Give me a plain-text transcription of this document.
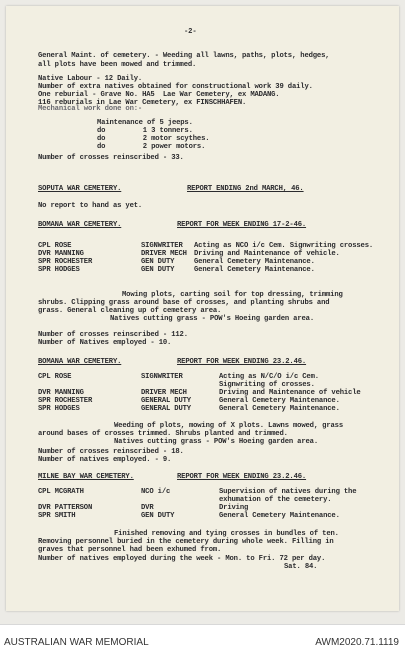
-2-
General Maint. of cemetery. - Weeding all lawns, paths, plots, hedges,
all plots have been mowed and trimmed.
Native Labour - 12 Daily.
Number of extra natives obtained for constructional work 39 daily.
One reburial - Grave No. HA5  Lae War Cemetery, ex MADANG.
116 reburials in Lae War Cemetery, ex FINSCHHAFEN.
Mechanical work done on:-
Maintenance of 5 jeeps.
do         1 3 tonners.
do         2 motor scythes.
do         2 power motors.
Number of crosses reinscribed - 33.
SOPUTA WAR CEMETERY.	REPORT ENDING 2nd MARCH, 46.
No report to hand as yet.
BOMANA WAR CEMETERY.	REPORT FOR WEEK ENDING 17-2-46.
CPL ROSE	SIGNWRITER Acting as NCO i/c Cem. Signwriting crosses.
DVR MANNING	DRIVER MECH Driving and Maintenance of vehicle.
SPR ROCHESTER	GEN DUTY	General Cemetery Maintenance.
SPR HODGES	GEN DUTY	General Cemetery Maintenance.
Mowing plots, carting soil for top dressing, trimming
shrubs. Clipping grass around base of crosses, and planting shrubs and
grass. General cleaning up of cemetery area.
Natives cutting grass - POW's Hoeing garden area.
Number of crosses reinscribed - 112.
Number of Natives employed - 10.
BOMANA WAR CEMETERY.	REPORT FOR WEEK ENDING 23.2.46.
CPL ROSE	SIGNWRITER	Acting as N/C/O i/c Cem.
Signwriting of crosses.
DVR MANNING	DRIVER MECH	Driving and Maintenance of vehicle
SPR ROCHESTER	GENERAL DUTY	General Cemetery Maintenance.
SPR HODGES	GENERAL DUTY	General Cemetery Maintenance.
Weeding of plots, mowing of X plots. Lawns mowed, grass
around bases of crosses trimmed. Shrubs planted and trimmed.
Natives cutting grass - POW's Hoeing garden area.
Number of crosses reinscribed - 18.
Number of natives employed. - 9.
MILNE BAY WAR CEMETERY.	REPORT FOR WEEK ENDING 23.2.46.
CPL MCGRATH	NCO i/c	Supervision of natives during the
exhumation of the cemetery.
DVR PATTERSON	DVR	Driving
SPR SMITH	GEN DUTY	General Cemetery Maintenance.
Finished removing and tying crosses in bundles of ten.
Removing personnel buried in the cemetery during whole week. Filling in
graves that personnel had been exhumed from.
Number of natives employed during the week - Mon. to Fri. 72 per day.
Sat. 84.
AUSTRALIAN WAR MEMORIAL	AWM2020.71.1119
